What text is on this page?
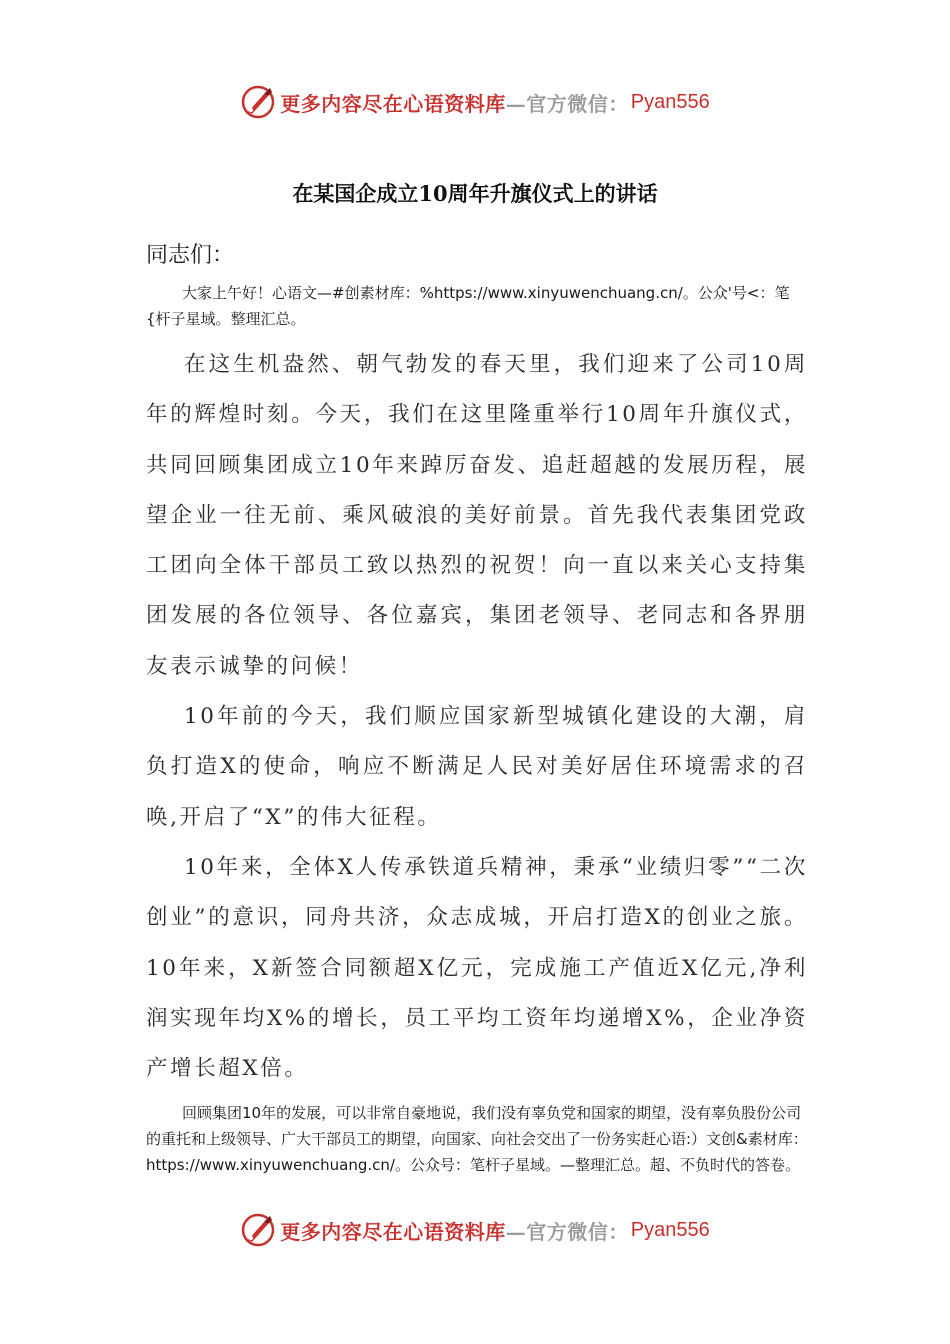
更多内容尽在心语资料库 —官方微信： Pyan556
在某国企成立10周年升旗仪式上的讲话

同志们：

大家上午好！心语文—#创素材库：%https://www.xinyuwenchuang.cn/。公众'号<：笔{杆子星域。整理汇总。

在这生机盎然、朝气勃发的春天里，我们迎来了公司10周年的辉煌时刻。今天，我们在这里隆重举行10周年升旗仪式，共同回顾集团成立10年来踔厉奋发、追赶超越的发展历程，展望企业一往无前、乘风破浪的美好前景。首先我代表集团党政工团向全体干部员工致以热烈的祝贺！向一直以来关心支持集团发展的各位领导、各位嘉宾，集团老领导、老同志和各界朋友表示诚挚的问候！

10年前的今天，我们顺应国家新型城镇化建设的大潮，肩负打造X的使命，响应不断满足人民对美好居住环境需求的召唤,开启了“X”的伟大征程。

10年来，全体X人传承铁道兵精神，秉承“业绩归零”“二次创业”的意识，同舟共济，众志成城，开启打造X的创业之旅。10年来，X新签合同额超X亿元，完成施工产值近X亿元,净利润实现年均X%的增长，员工平均工资年均递增X%，企业净资产增长超X倍。

回顾集团10年的发展，可以非常自豪地说，我们没有辜负党和国家的期望，没有辜负股份公司的重托和上级领导、广大干部员工的期望，向国家、向社会交出了一份务实赶心语:）文创&素材库：https://www.xinyuwenchuang.cn/。公众号：笔杆子星域。—整理汇总。超、不负时代的答卷。

更多内容尽在心语资料库 —官方微信： Pyan556
